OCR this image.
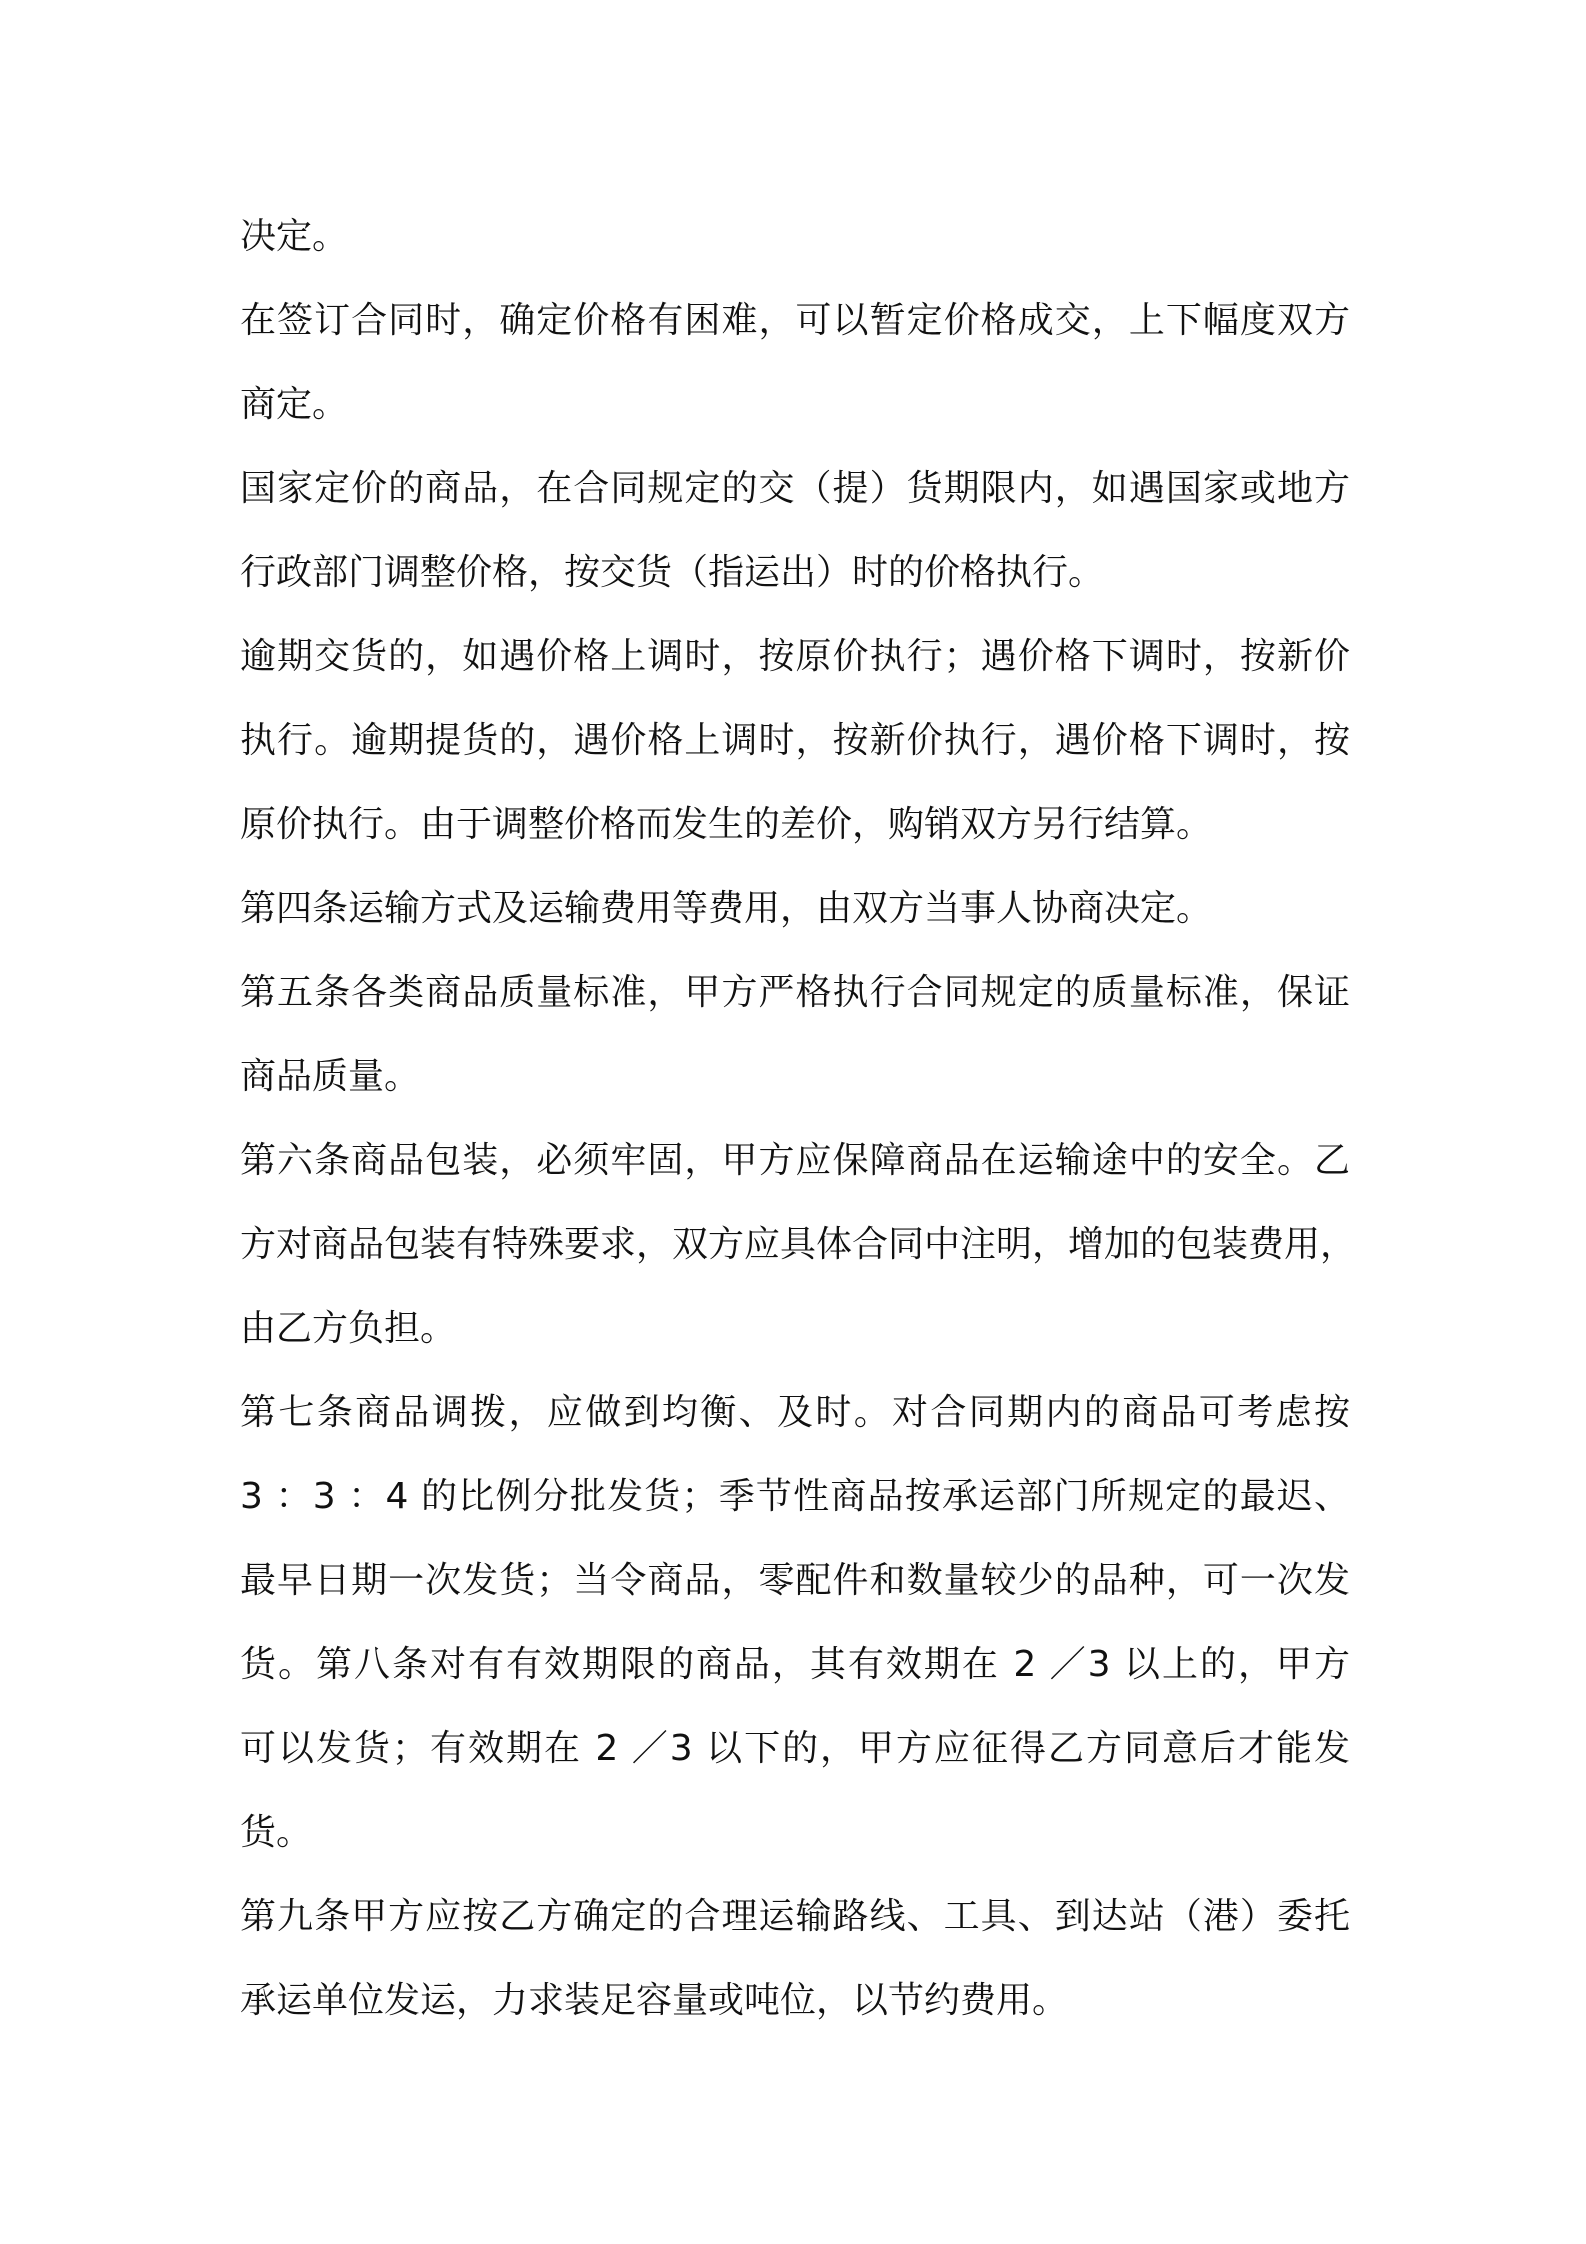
决定。
在签订合同时，确定价格有困难，可以暂定价格成交，上下幅度双方
商定。
国家定价的商品，在合同规定的交（提）货期限内，如遇国家或地方
行政部门调整价格，按交货（指运出）时的价格执行。
逾期交货的，如遇价格上调时，按原价执行；遇价格下调时，按新价
执行。逾期提货的，遇价格上调时，按新价执行，遇价格下调时，按
原价执行。由于调整价格而发生的差价，购销双方另行结算。
第四条运输方式及运输费用等费用，由双方当事人协商决定。
第五条各类商品质量标准，甲方严格执行合同规定的质量标准，保证
商品质量。
第六条商品包装，必须牢固，甲方应保障商品在运输途中的安全。乙
方对商品包装有特殊要求，双方应具体合同中注明，增加的包装费用，
由乙方负担。
第七条商品调拨，应做到均衡、及时。对合同期内的商品可考虑按
3 ：3 ：4 的比例分批发货；季节性商品按承运部门所规定的最迟、
最早日期一次发货；当令商品，零配件和数量较少的品种，可一次发
货。第八条对有有效期限的商品，其有效期在 2 ／3 以上的，甲方
可以发货；有效期在 2 ／3 以下的，甲方应征得乙方同意后才能发
货。
第九条甲方应按乙方确定的合理运输路线、工具、到达站（港）委托
承运单位发运，力求装足容量或吨位，以节约费用。
